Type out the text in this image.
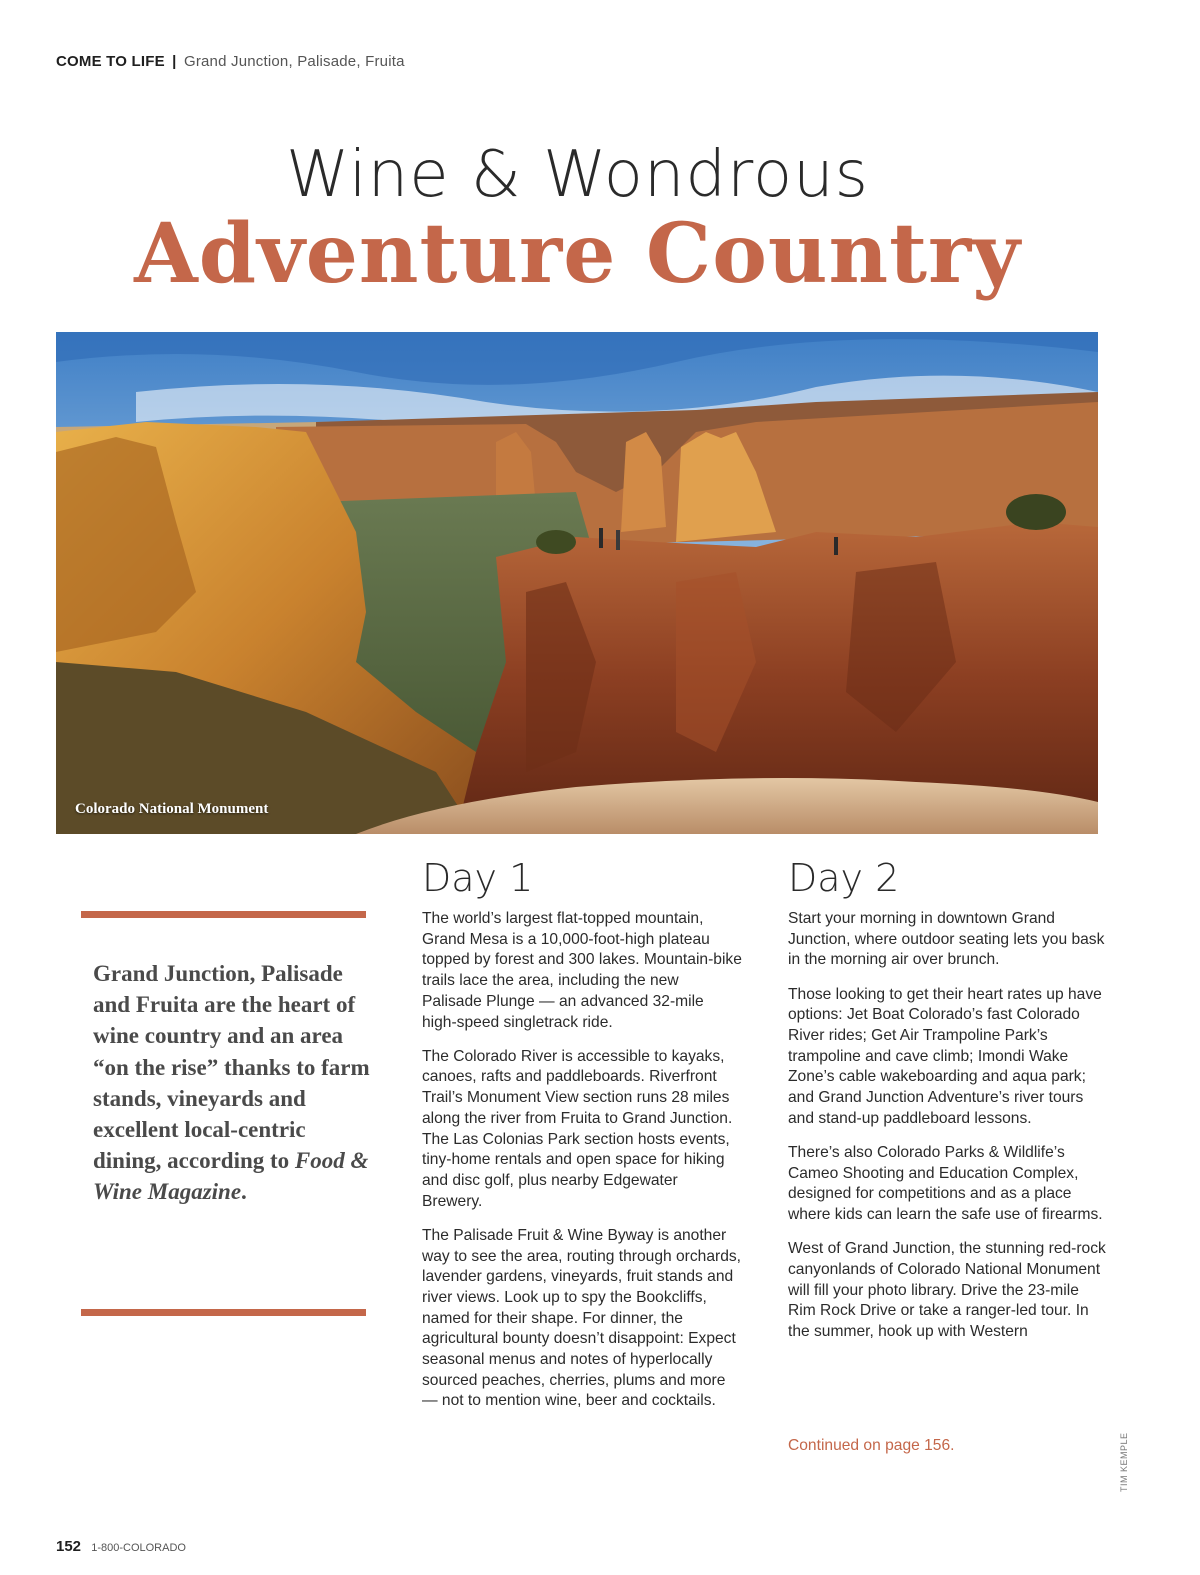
COME TO LIFE | Grand Junction, Palisade, Fruita
Wine & Wondrous
Adventure Country
Colorado National Monument
Grand Junction, Palisade and Fruita are the heart of wine country and an area “on the rise” thanks to farm stands, vineyards and excellent local-centric dining, according to Food & Wine Magazine.
Day 1

The world’s largest flat-topped mountain, Grand Mesa is a 10,000-foot-high plateau topped by forest and 300 lakes. Mountain-bike trails lace the area, including the new Palisade Plunge — an advanced 32-mile high-speed singletrack ride.

The Colorado River is accessible to kayaks, canoes, rafts and paddleboards. Riverfront Trail’s Monument View section runs 28 miles along the river from Fruita to Grand Junction. The Las Colonias Park section hosts events, tiny-home rentals and open space for hiking and disc golf, plus nearby Edgewater Brewery.

The Palisade Fruit & Wine Byway is another way to see the area, routing through orchards, lavender gardens, vineyards, fruit stands and river views. Look up to spy the Bookcliffs, named for their shape. For dinner, the agricultural bounty doesn’t disappoint: Expect seasonal menus and notes of hyperlocally sourced peaches, cherries, plums and more — not to mention wine, beer and cocktails.

Day 2

Start your morning in downtown Grand Junction, where outdoor seating lets you bask in the morning air over brunch.

Those looking to get their heart rates up have options: Jet Boat Colorado’s fast Colorado River rides; Get Air Trampoline Park’s trampoline and cave climb; Imondi Wake Zone’s cable wakeboarding and aqua park; and Grand Junction Adventure’s river tours and stand-up paddleboard lessons.

There’s also Colorado Parks & Wildlife’s Cameo Shooting and Education Complex, designed for competitions and as a place where kids can learn the safe use of firearms.

West of Grand Junction, the stunning red-rock canyonlands of Colorado National Monument will fill your photo library. Drive the 23-mile Rim Rock Drive or take a ranger-led tour. In the summer, hook up with Western

Continued on page 156.	TIM KEMPLE
152 1-800-COLORADO
